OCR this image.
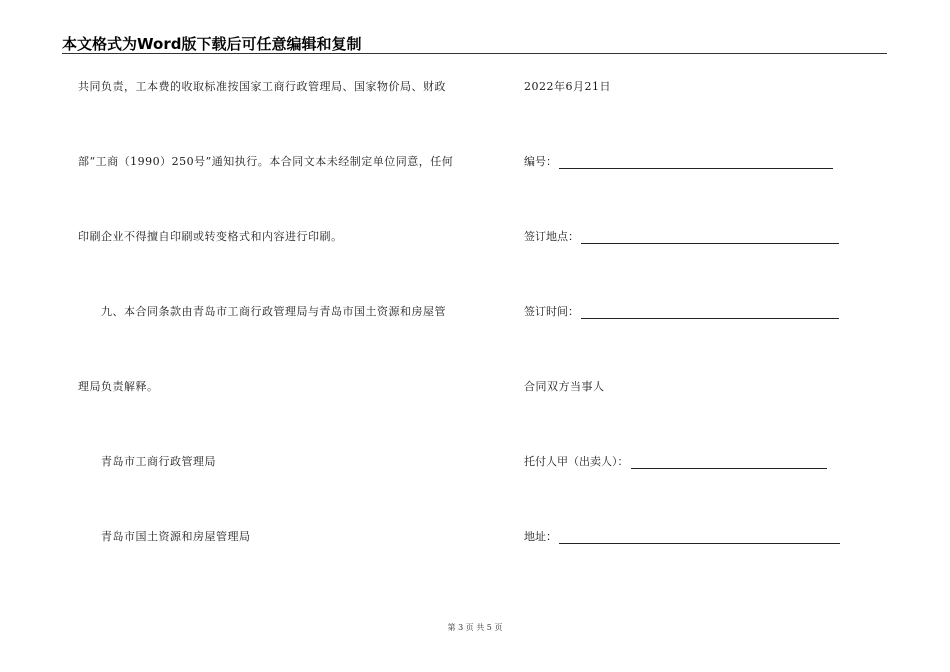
本文格式为Word版下载后可任意编辑和复制
共同负责，工本费的收取标准按国家工商行政管理局、国家物价局、财政
部“工商（1990）250号”通知执行。本合同文本未经制定单位同意，任何
印刷企业不得擅自印刷或转变格式和内容进行印刷。
九、本合同条款由青岛市工商行政管理局与青岛市国土资源和房屋管
理局负责解释。
青岛市工商行政管理局
青岛市国土资源和房屋管理局
2022年6月21日
编号：
签订地点：
签订时间：
合同双方当事人
托付人甲（出卖人）：
地址：
第 3 页 共 5 页
